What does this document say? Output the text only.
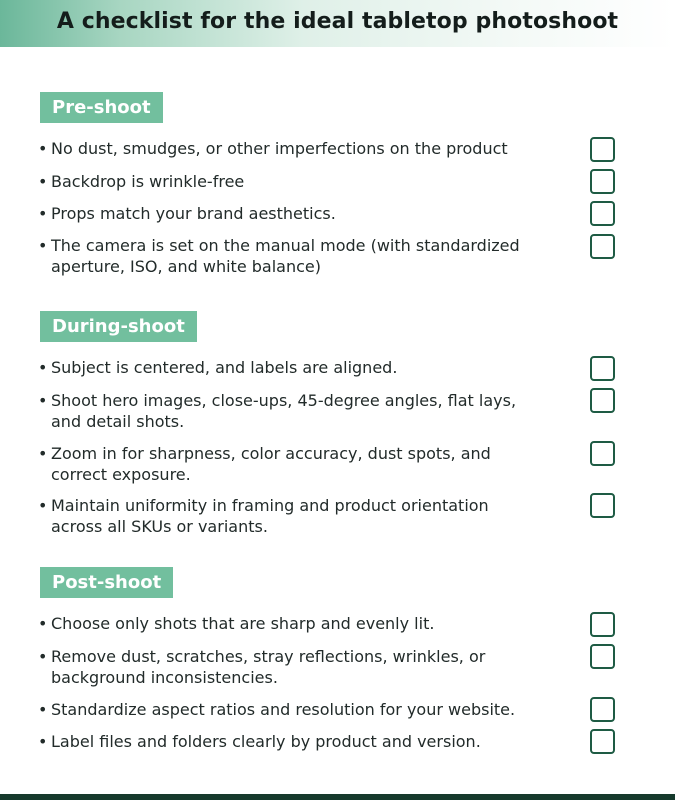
A checklist for the ideal tabletop photoshoot
Pre-shoot
• No dust, smudges, or other imperfections on the product
• Backdrop is wrinkle-free
• Props match your brand aesthetics.
• The camera is set on the manual mode (with standardized aperture, ISO, and white balance)
During-shoot
• Subject is centered, and labels are aligned.
• Shoot hero images, close-ups, 45-degree angles, flat lays, and detail shots.
• Zoom in for sharpness, color accuracy, dust spots, and correct exposure.
• Maintain uniformity in framing and product orientation across all SKUs or variants.
Post-shoot
• Choose only shots that are sharp and evenly lit.
• Remove dust, scratches, stray reflections, wrinkles, or background inconsistencies.
• Standardize aspect ratios and resolution for your website.
• Label files and folders clearly by product and version.
